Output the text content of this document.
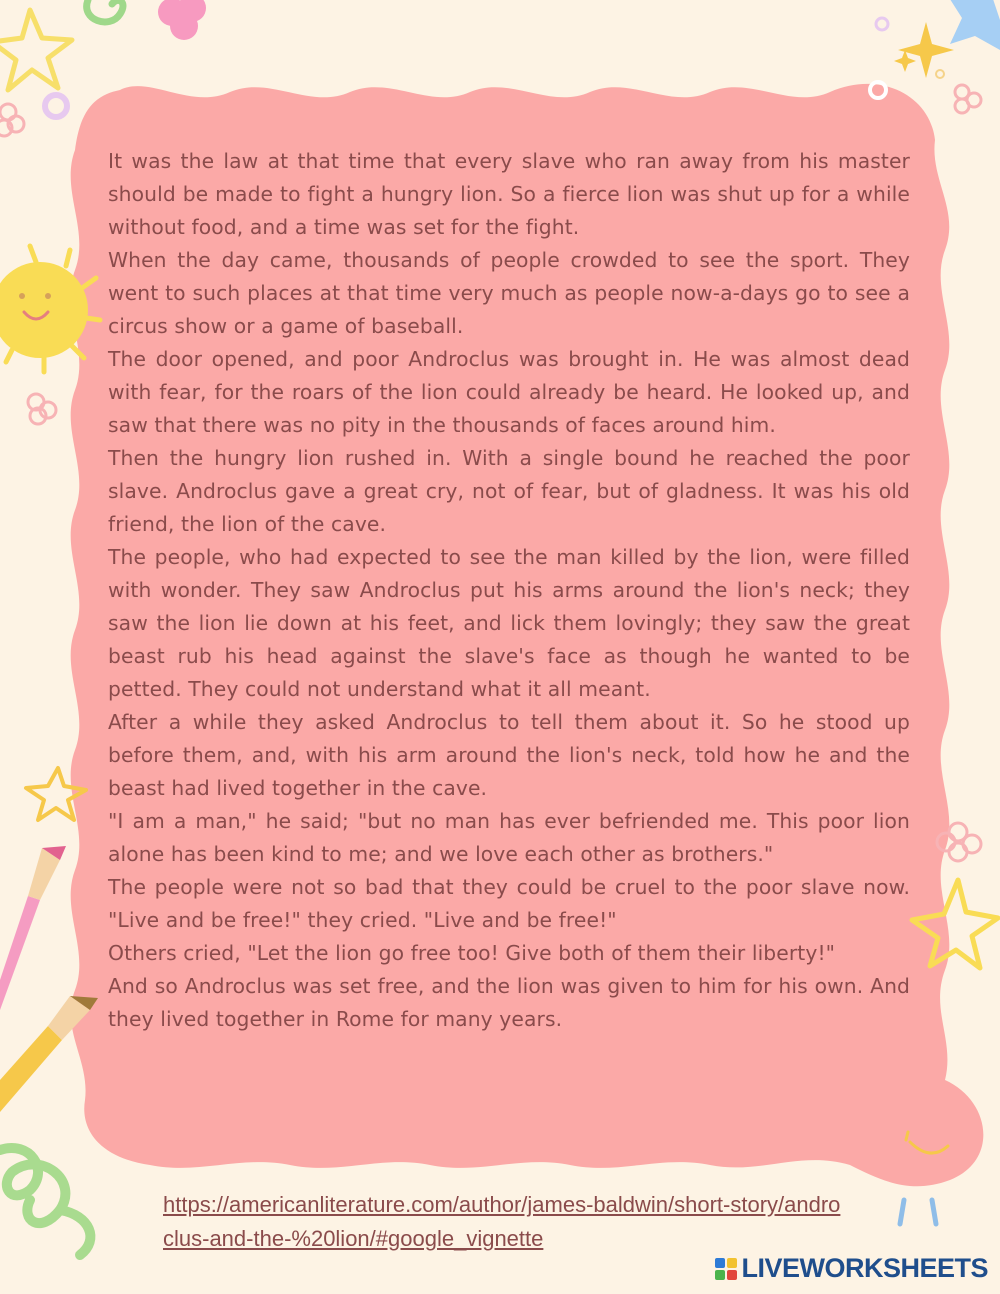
It was the law at that time that every slave who ran away from his master should be made to fight a hungry lion. So a fierce lion was shut up for a while without food, and a time was set for the fight.

When the day came, thousands of people crowded to see the sport. They went to such places at that time very much as people now-a-days go to see a circus show or a game of baseball.

The door opened, and poor Androclus was brought in. He was almost dead with fear, for the roars of the lion could already be heard. He looked up, and saw that there was no pity in the thousands of faces around him.

Then the hungry lion rushed in. With a single bound he reached the poor slave. Androclus gave a great cry, not of fear, but of gladness. It was his old friend, the lion of the cave.

The people, who had expected to see the man killed by the lion, were filled with wonder. They saw Androclus put his arms around the lion's neck; they saw the lion lie down at his feet, and lick them lovingly; they saw the great beast rub his head against the slave's face as though he wanted to be petted. They could not understand what it all meant.

After a while they asked Androclus to tell them about it. So he stood up before them, and, with his arm around the lion's neck, told how he and the beast had lived together in the cave.

"I am a man," he said; "but no man has ever befriended me. This poor lion alone has been kind to me; and we love each other as brothers."

The people were not so bad that they could be cruel to the poor slave now. "Live and be free!" they cried. "Live and be free!"

Others cried, "Let the lion go free too! Give both of them their liberty!"

And so Androclus was set free, and the lion was given to him for his own. And they lived together in Rome for many years.

https://americanliterature.com/author/james-baldwin/short-story/androclus-and-the-%20lion/#google_vignette
LIVEWORKSHEETS
